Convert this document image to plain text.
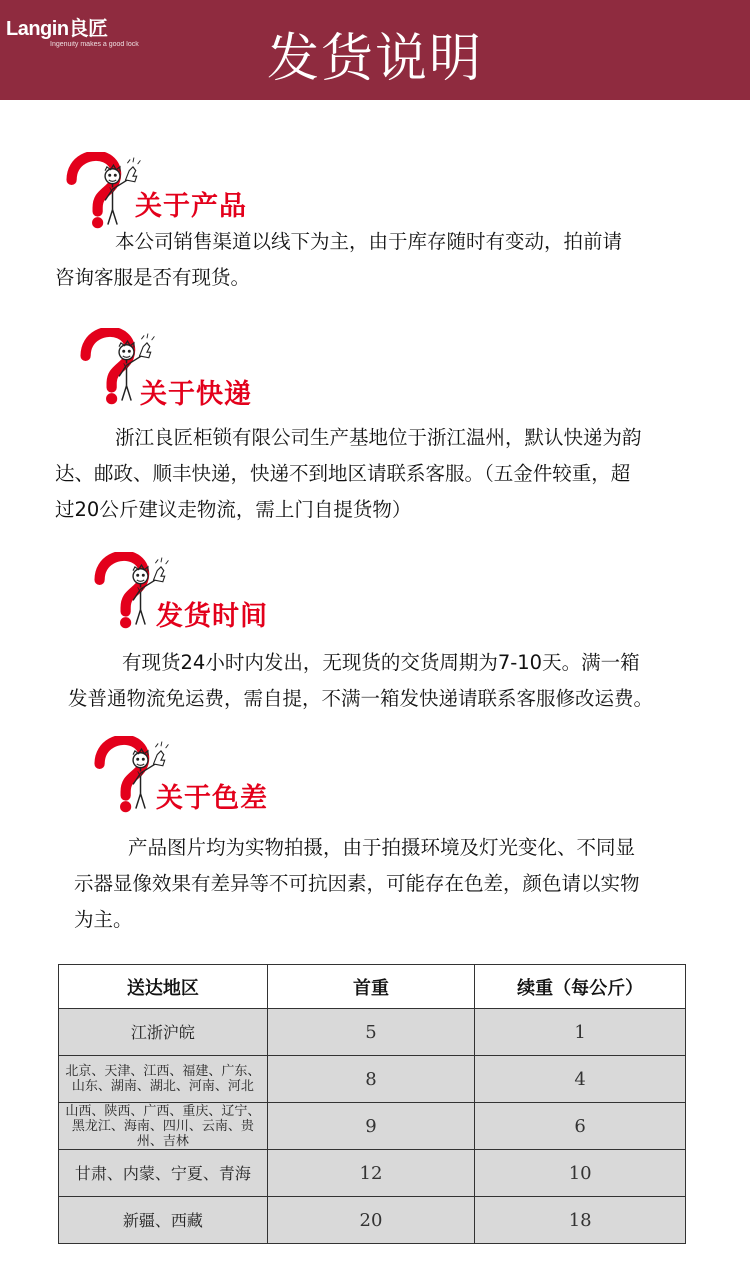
Langin良匠
Ingenuity makes a good lock	发货说明
关于产品

本公司销售渠道以线下为主，由于库存随时有变动，拍前请

咨询客服是否有现货。

关于快递

浙江良匠柜锁有限公司生产基地位于浙江温州，默认快递为韵

达、邮政、顺丰快递，快递不到地区请联系客服。（五金件较重，超

过20公斤建议走物流，需上门自提货物）

发货时间

有现货24小时内发出，无现货的交货周期为7-10天。满一箱

发普通物流免运费，需自提，不满一箱发快递请联系客服修改运费。

关于色差

产品图片均为实物拍摄，由于拍摄环境及灯光变化、不同显

示器显像效果有差异等不可抗因素，可能存在色差，颜色请以实物

为主。

送达地区	首重	续重（每公斤）
江浙沪皖	5	1
北京、天津、江西、福建、广东、山东、湖南、湖北、河南、河北	8	4
山西、陕西、广西、重庆、辽宁、黑龙江、海南、四川、云南、贵州、吉林	9	6
甘肃、内蒙、宁夏、青海	12	10
新疆、西藏	20	18
